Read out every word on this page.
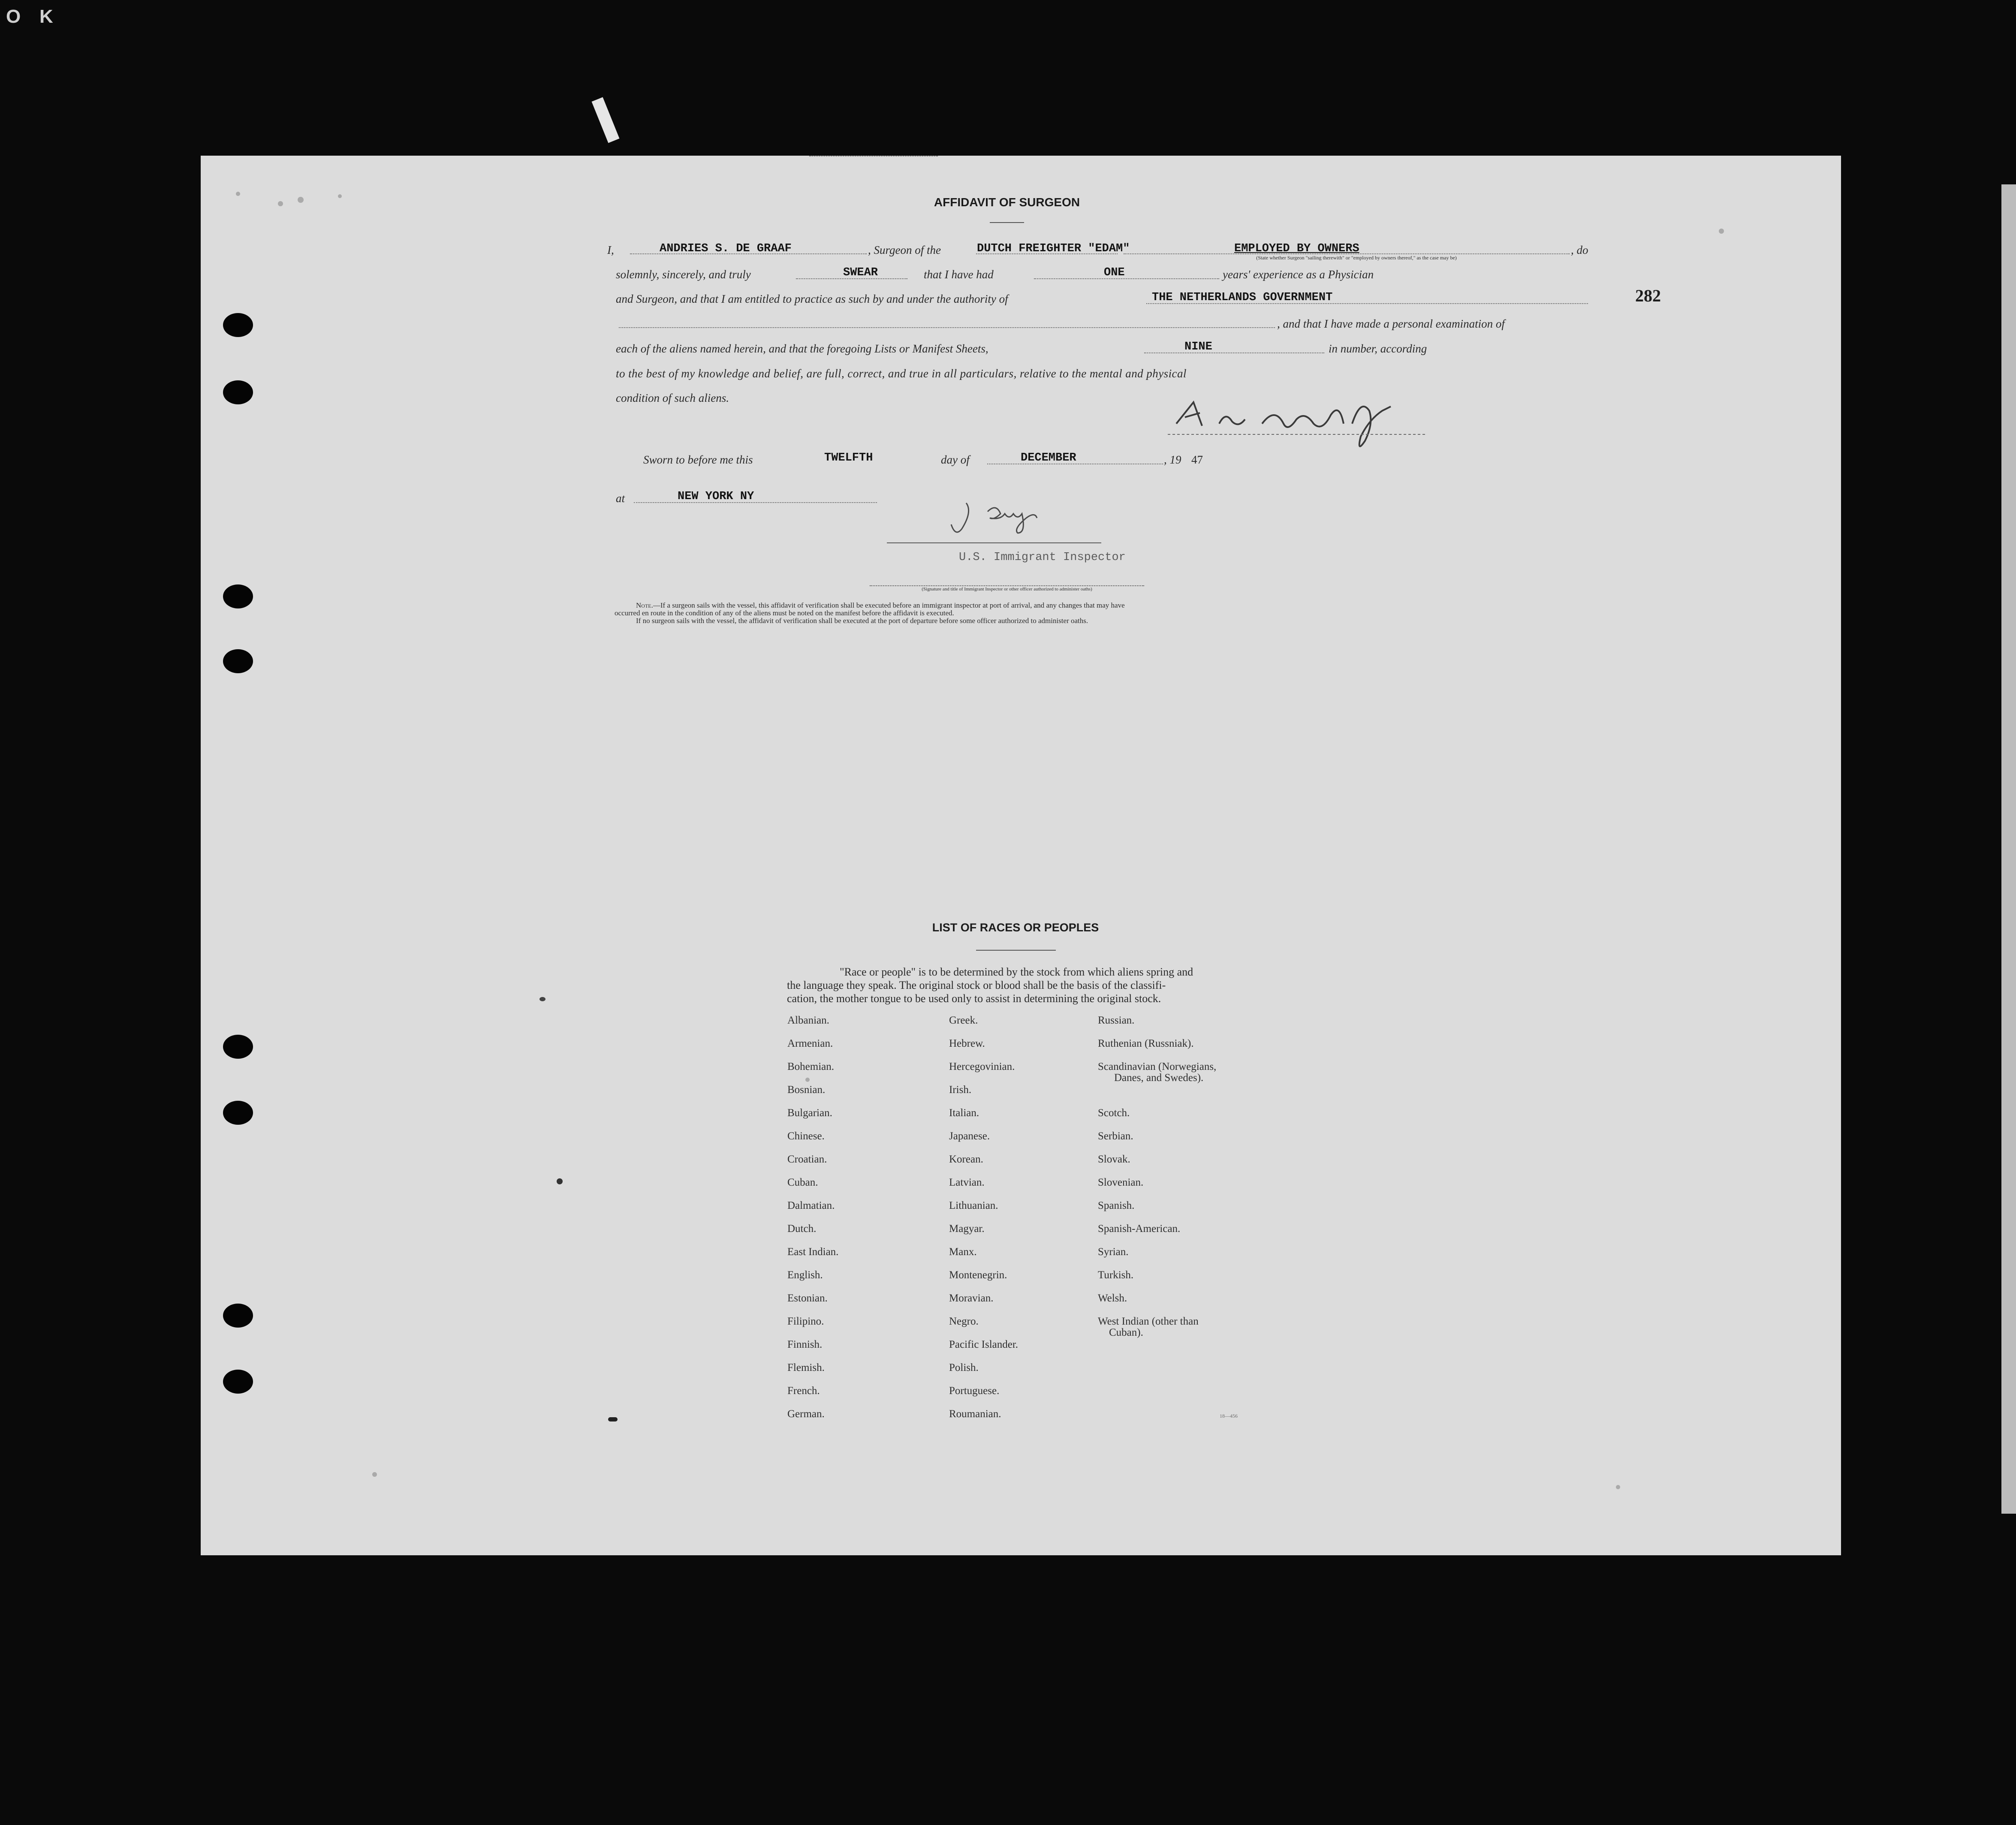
O K
282
AFFIDAVIT OF SURGEON
I,	ANDRIES S. DE GRAAF	, Surgeon of the	DUTCH FREIGHTER "EDAM"	EMPLOYED BY OWNERS	, do
(State whether Surgeon "sailing therewith" or "employed by owners thereof," as the case may be)
solemnly, sincerely, and truly	SWEAR	that I have had	ONE	years' experience as a Physician
and Surgeon, and that I am entitled to practice as such by and under the authority of	THE NETHERLANDS GOVERNMENT
, and that I have made a personal examination of
each of the aliens named herein, and that the foregoing Lists or Manifest Sheets,	NINE	in number, according
to the best of my knowledge and belief, are full, correct, and true in all particulars, relative to the mental and physical
condition of such aliens.
Sworn to before me this	TWELFTH	day of	DECEMBER	, 19 47
at	NEW YORK NY
U.S. Immigrant Inspector
(Signature and title of Immigrant Inspector or other officer authorized to administer oaths)
Note.—If a surgeon sails with the vessel, this affidavit of verification shall be executed before an immigrant inspector at port of arrival, and any changes that may have
occurred en route in the condition of any of the aliens must be noted on the manifest before the affidavit is executed.
If no surgeon sails with the vessel, the affidavit of verification shall be executed at the port of departure before some officer authorized to administer oaths.
LIST OF RACES OR PEOPLES
"Race or people" is to be determined by the stock from which aliens spring and
the language they speak. The original stock or blood shall be the basis of the classifi-
cation, the mother tongue to be used only to assist in determining the original stock.
Albanian.
Armenian.
Bohemian.
Bosnian.
Bulgarian.
Chinese.
Croatian.
Cuban.
Dalmatian.
Dutch.
East Indian.
English.
Estonian.
Filipino.
Finnish.
Flemish.
French.
German.
Greek.
Hebrew.
Hercegovinian.
Irish.
Italian.
Japanese.
Korean.
Latvian.
Lithuanian.
Magyar.
Manx.
Montenegrin.
Moravian.
Negro.
Pacific Islander.
Polish.
Portuguese.
Roumanian.
Russian.
Ruthenian (Russniak).
Scandinavian (Norwegians,
Danes, and Swedes).
Scotch.
Serbian.
Slovak.
Slovenian.
Spanish.
Spanish-American.
Syrian.
Turkish.
Welsh.
West Indian (other than
Cuban).
18—456
